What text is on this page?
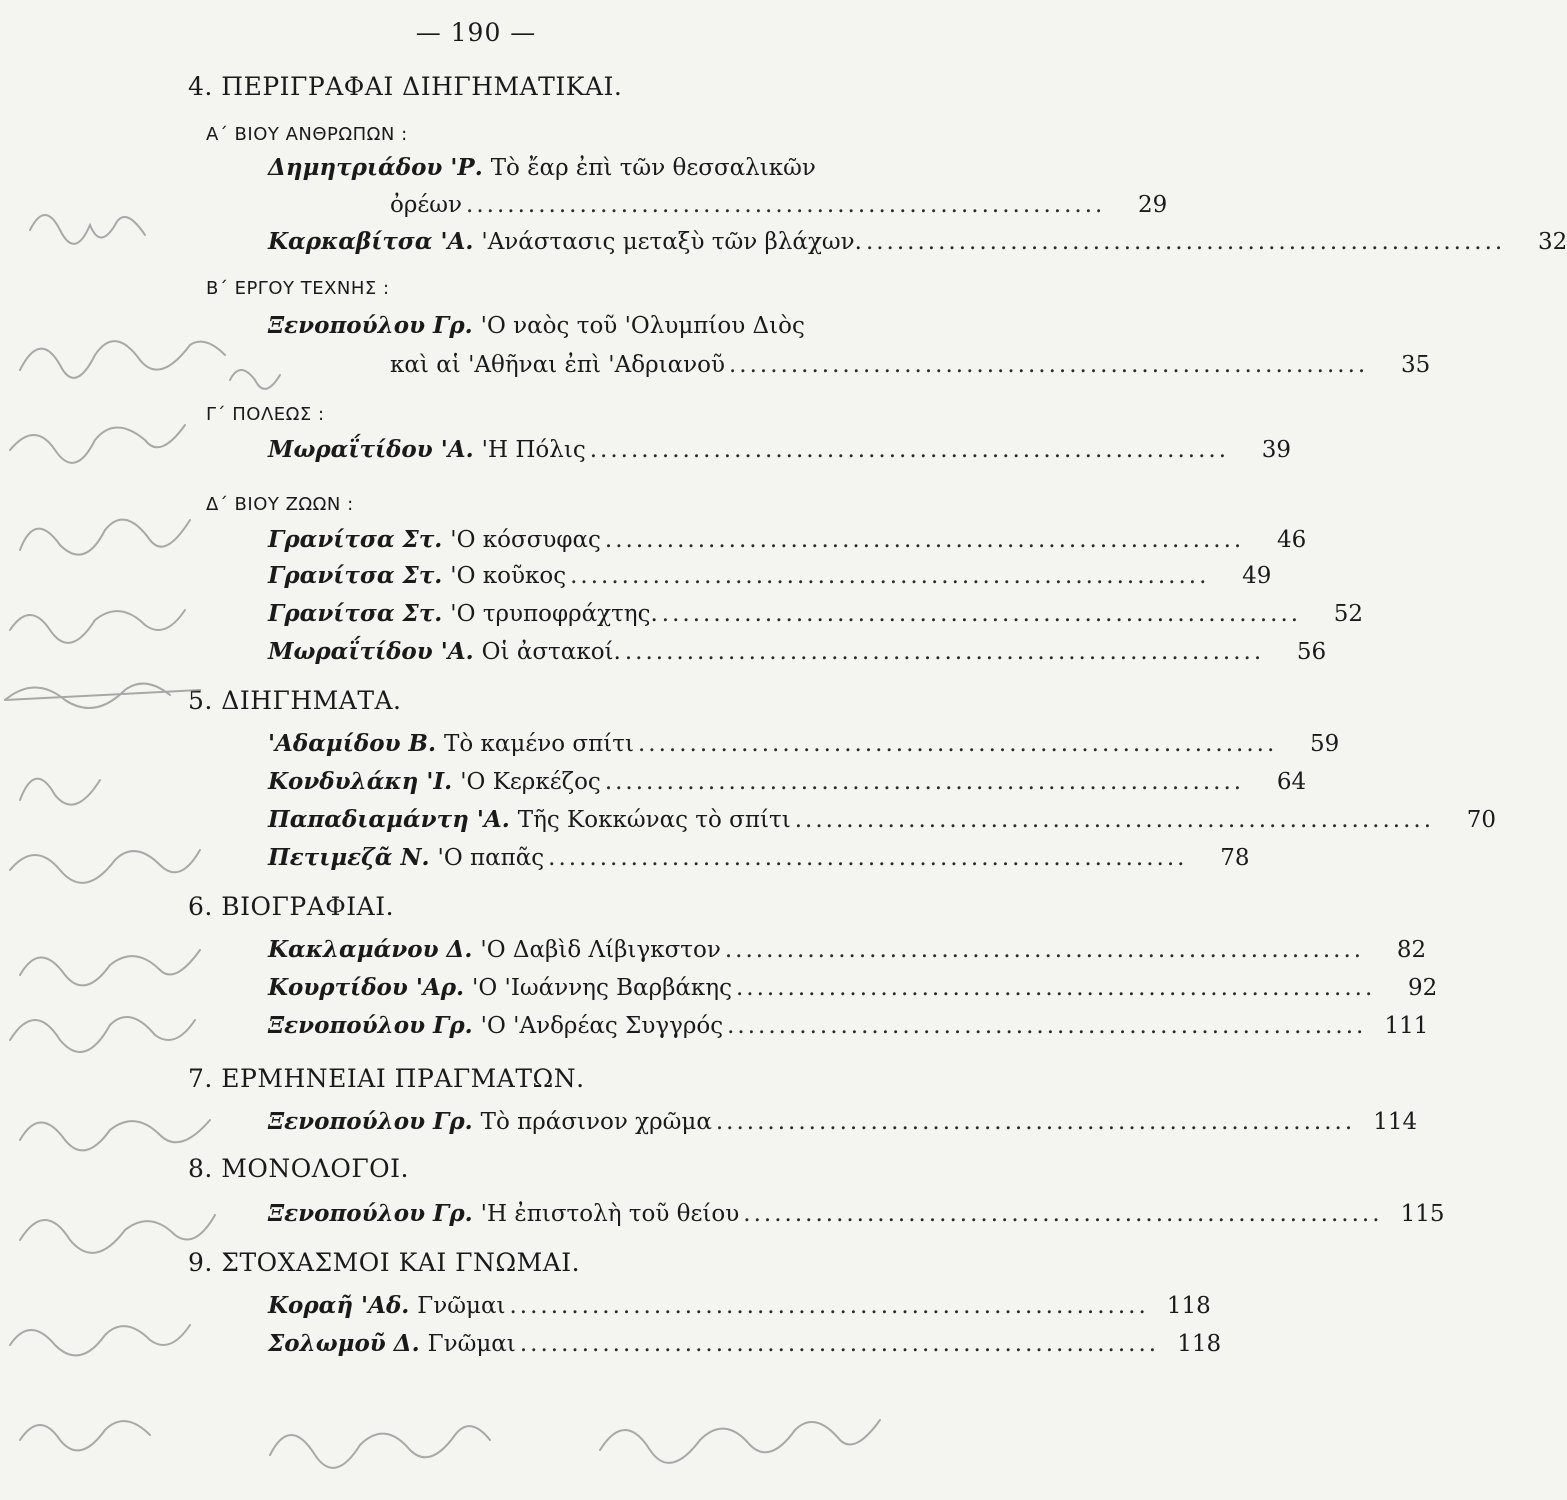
— 190 —
4. ΠΕΡΙΓΡΑΦΑΙ ΔΙΗΓΗΜΑΤΙΚΑΙ.
Α΄ ΒΙΟΥ ΑΝΘΡΩΠΩΝ :
Δημητριάδου 'Ρ. Τὸ ἔαρ ἐπὶ τῶν θεσσαλικῶν
ὀρέων ..............................................................	29
Καρκαβίτσα 'Α. 'Ανάστασις μεταξὺ τῶν βλάχων. ..............................................................	32
Β΄ ΕΡΓΟΥ ΤΕΧΝΗΣ :
Ξενοπούλου Γρ. 'Ο ναὸς τοῦ 'Ολυμπίου Διὸς
καὶ αἱ 'Αθῆναι ἐπὶ 'Αδριανοῦ ..............................................................	35
Γ΄ ΠΟΛΕΩΣ :
Μωραΐτίδου 'Α. 'Η Πόλις ..............................................................	39
Δ΄ ΒΙΟΥ ΖΩΩΝ :
Γρανίτσα Στ. 'Ο κόσσυφας ..............................................................	46
Γρανίτσα Στ. 'Ο κοῦκος ..............................................................	49
Γρανίτσα Στ. 'Ο τρυποφράχτης. ..............................................................	52
Μωραΐτίδου 'Α. Οἱ ἀστακοί. ..............................................................	56
5. ΔΙΗΓΗΜΑΤΑ.
'Αδαμίδου Β. Τὸ καμένο σπίτι ..............................................................	59
Κονδυλάκη 'Ι. 'Ο Κερκέζος ..............................................................	64
Παπαδιαμάντη 'Α. Τῆς Κοκκώνας τὸ σπίτι ..............................................................	70
Πετιμεζᾶ Ν. 'Ο παπᾶς ..............................................................	78
6. ΒΙΟΓΡΑΦΙΑΙ.
Κακλαμάνου Δ. 'Ο Δαβὶδ Λίβιγκστον ..............................................................	82
Κουρτίδου 'Αρ. 'Ο 'Ιωάννης Βαρβάκης ..............................................................	92
Ξενοπούλου Γρ. 'Ο 'Ανδρέας Συγγρός .............................................................. 111
7. ΕΡΜΗΝΕΙΑΙ ΠΡΑΓΜΑΤΩΝ.
Ξενοπούλου Γρ. Τὸ πράσινον χρῶμα .............................................................. 114
8. ΜΟΝΟΛΟΓΟΙ.
Ξενοπούλου Γρ. 'Η ἐπιστολὴ τοῦ θείου .............................................................. 115
9. ΣΤΟΧΑΣΜΟΙ ΚΑΙ ΓΝΩΜΑΙ.
Κοραῆ 'Αδ. Γνῶμαι .............................................................. 118
Σολωμοῦ Δ. Γνῶμαι .............................................................. 118
